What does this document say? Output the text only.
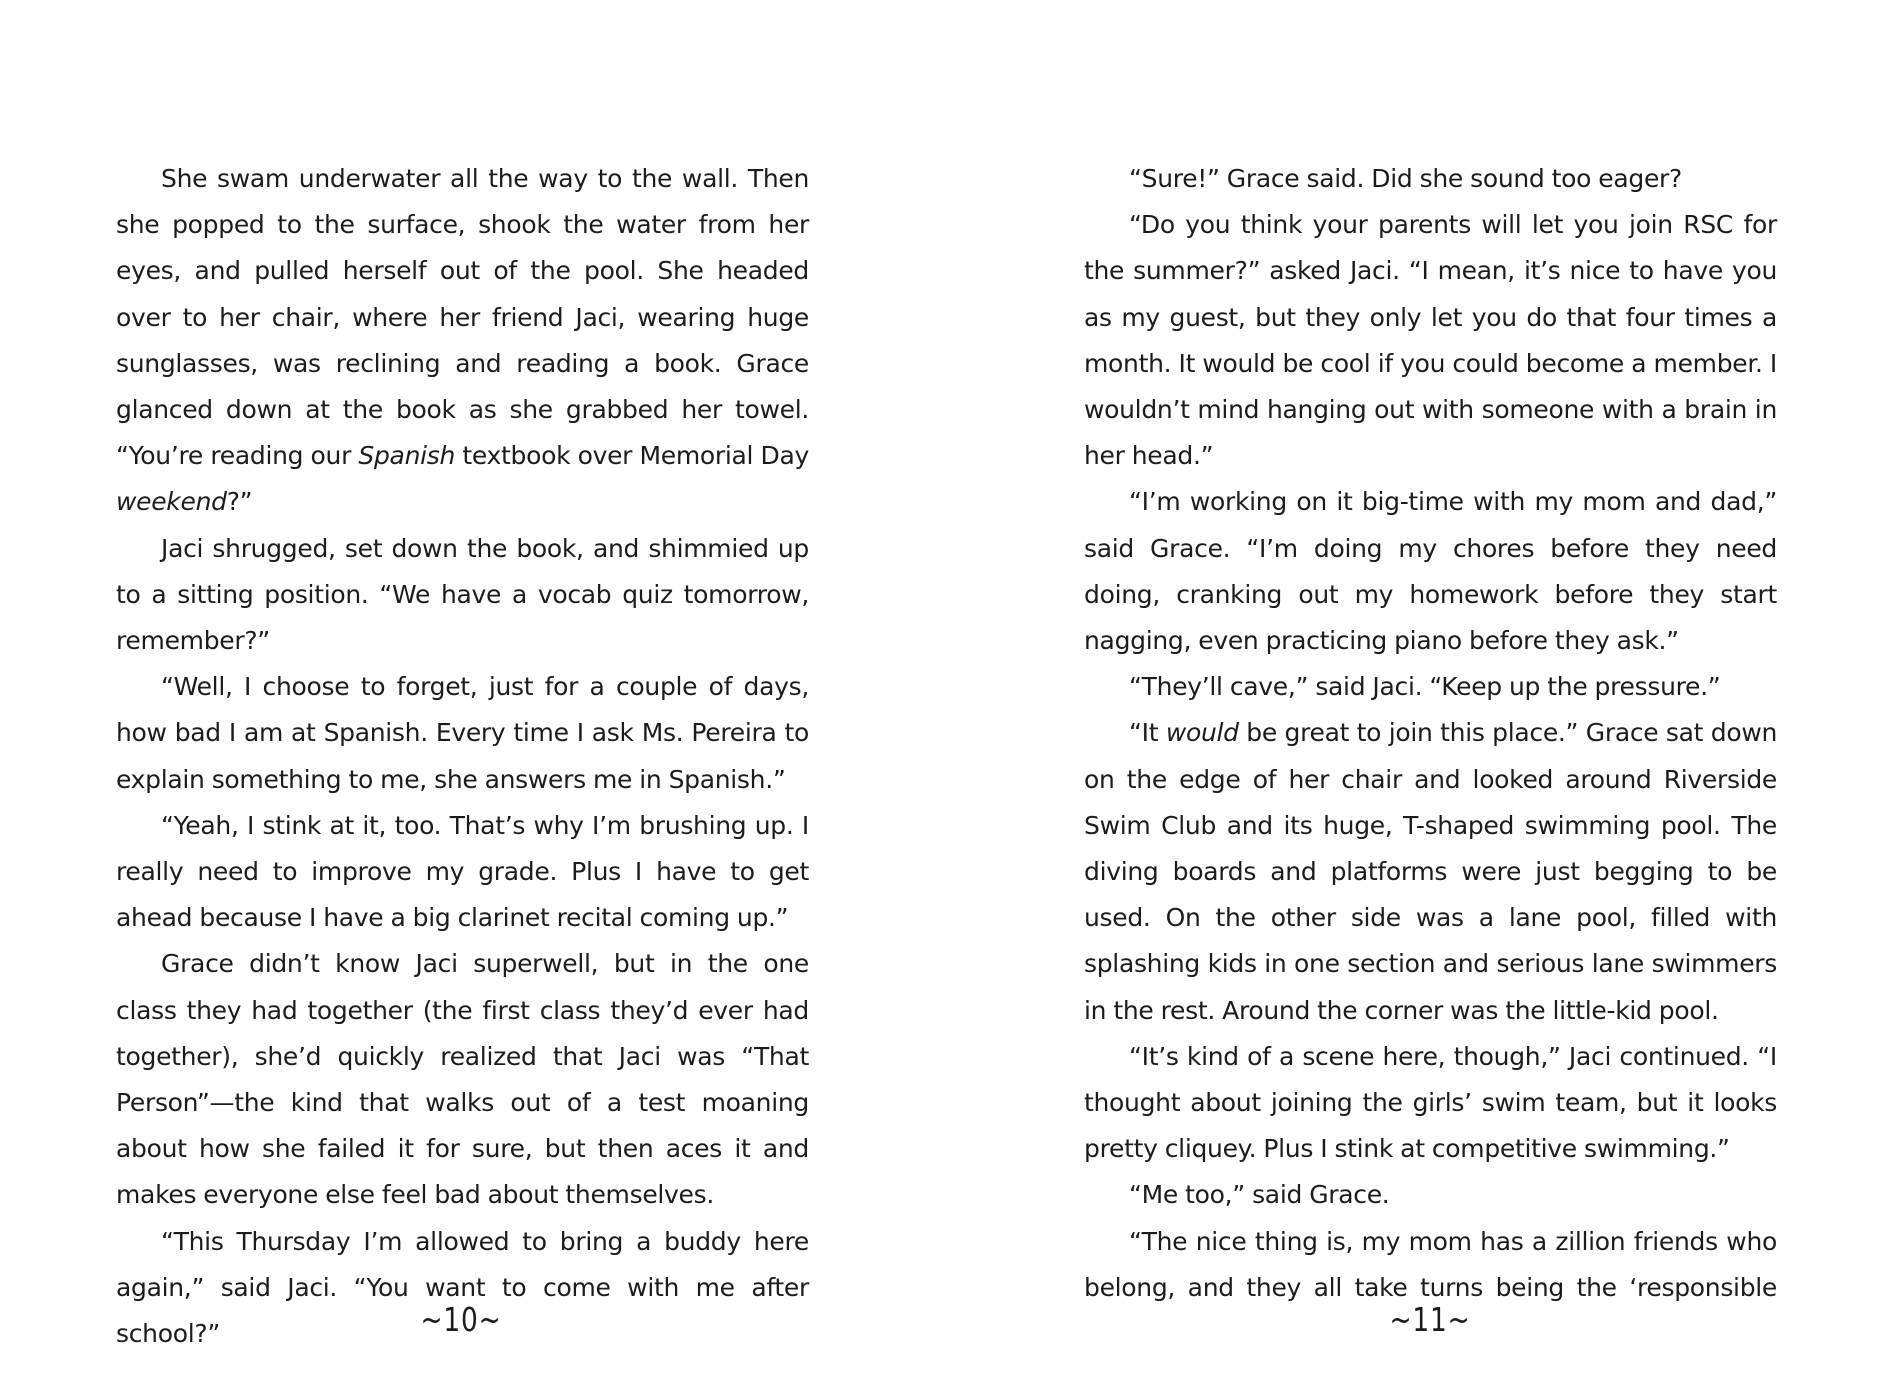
She swam underwater all the way to the wall. Then she popped to the surface, shook the water from her eyes, and pulled herself out of the pool. She headed over to her chair, where her friend Jaci, wearing huge sunglasses, was reclining and reading a book. Grace glanced down at the book as she grabbed her towel. “You’re reading our Spanish textbook over Memorial Day weekend?”

Jaci shrugged, set down the book, and shimmied up to a sitting position. “We have a vocab quiz tomorrow, remember?”

“Well, I choose to forget, just for a couple of days, how bad I am at Spanish. Every time I ask Ms. Pereira to explain something to me, she answers me in Spanish.”

“Yeah, I stink at it, too. That’s why I’m brushing up. I really need to improve my grade. Plus I have to get ahead because I have a big clarinet recital coming up.”

Grace didn’t know Jaci superwell, but in the one class they had together (the first class they’d ever had together), she’d quickly realized that Jaci was “That Person”—the kind that walks out of a test moaning about how she failed it for sure, but then aces it and makes everyone else feel bad about themselves.

“This Thursday I’m allowed to bring a buddy here again,” said Jaci. “You want to come with me after school?”

“Sure!” Grace said. Did she sound too eager?

“Do you think your parents will let you join RSC for the summer?” asked Jaci. “I mean, it’s nice to have you as my guest, but they only let you do that four times a month. It would be cool if you could become a member. I wouldn’t mind hanging out with someone with a brain in her head.”

“I’m working on it big-time with my mom and dad,” said Grace. “I’m doing my chores before they need doing, cranking out my homework before they start nagging, even practicing piano before they ask.”

“They’ll cave,” said Jaci. “Keep up the pressure.”

“It would be great to join this place.” Grace sat down on the edge of her chair and looked around Riverside Swim Club and its huge, T-shaped swimming pool. The diving boards and platforms were just begging to be used. On the other side was a lane pool, filled with splashing kids in one section and serious lane swimmers in the rest. Around the corner was the little-kid pool.

“It’s kind of a scene here, though,” Jaci continued. “I thought about joining the girls’ swim team, but it looks pretty cliquey. Plus I stink at competitive swimming.”

“Me too,” said Grace.

“The nice thing is, my mom has a zillion friends who belong, and they all take turns being the ‘responsible

~10~	~11~
